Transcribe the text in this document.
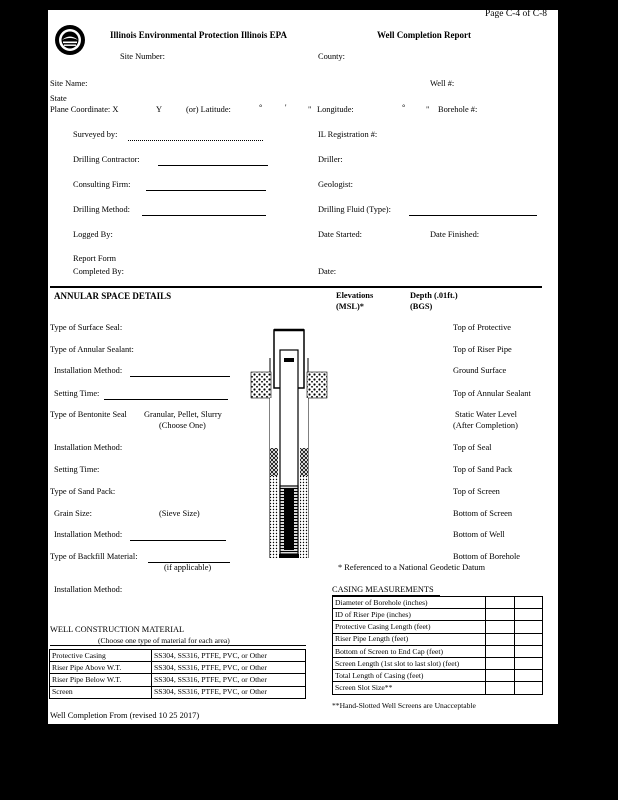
Page C-4 of C-8
Illinois Environmental Protection Illinois EPA	Well Completion Report
Site Number:	County:
Site Name:	Well #:
State
Plane Coordinate: X	Y	(or) Latitude:	°	'	" Longitude:	° " Borehole #:
Surveyed by:	IL Registration #:
Drilling Contractor:	Driller:
Consulting Firm:	Geologist:
Drilling Method:	Drilling Fluid (Type):
Logged By:	Date Started:	Date Finished:
Report Form
Completed By:	Date:
ANNULAR SPACE DETAILS	Elevations
(MSL)*
Depth (.01ft.)
(BGS)
Type of Surface Seal:
Type of Annular Sealant:
Installation Method:
Setting Time:
Type of Bentonite Seal Granular, Pellet, Slurry
(Choose One)
Installation Method:
Setting Time:
Type of Sand Pack:
Grain Size:	(Sieve Size)
Installation Method:
Type of Backfill Material:
(if applicable)
Installation Method:
Top of Protective
Top of Riser Pipe
Ground Surface
Top of Annular Sealant
Static Water Level
(After Completion)
Top of Seal
Top of Sand Pack
Top of Screen
Bottom of Screen
Bottom of Well
Bottom of Borehole
* Referenced to a National Geodetic Datum
CASING MEASUREMENTS
Diameter of Borehole (inches)		
ID of Riser Pipe (inches)		
Protective Casing Length (feet)		
Riser Pipe Length (feet)		
Bottom of Screen to End Cap (feet)		
Screen Length (1st slot to last slot) (feet)		
Total Length of Casing (feet)		
Screen Slot Size**		
**Hand-Slotted Well Screens are Unacceptable
WELL CONSTRUCTION MATERIAL
(Choose one type of material for each area)
Protective Casing	SS304, SS316, PTFE, PVC, or Other
Riser Pipe Above W.T.	SS304, SS316, PTFE, PVC, or Other
Riser Pipe Below W.T.	SS304, SS316, PTFE, PVC, or Other
Screen	SS304, SS316, PTFE, PVC, or Other
Well Completion From (revised 10 25 2017)
